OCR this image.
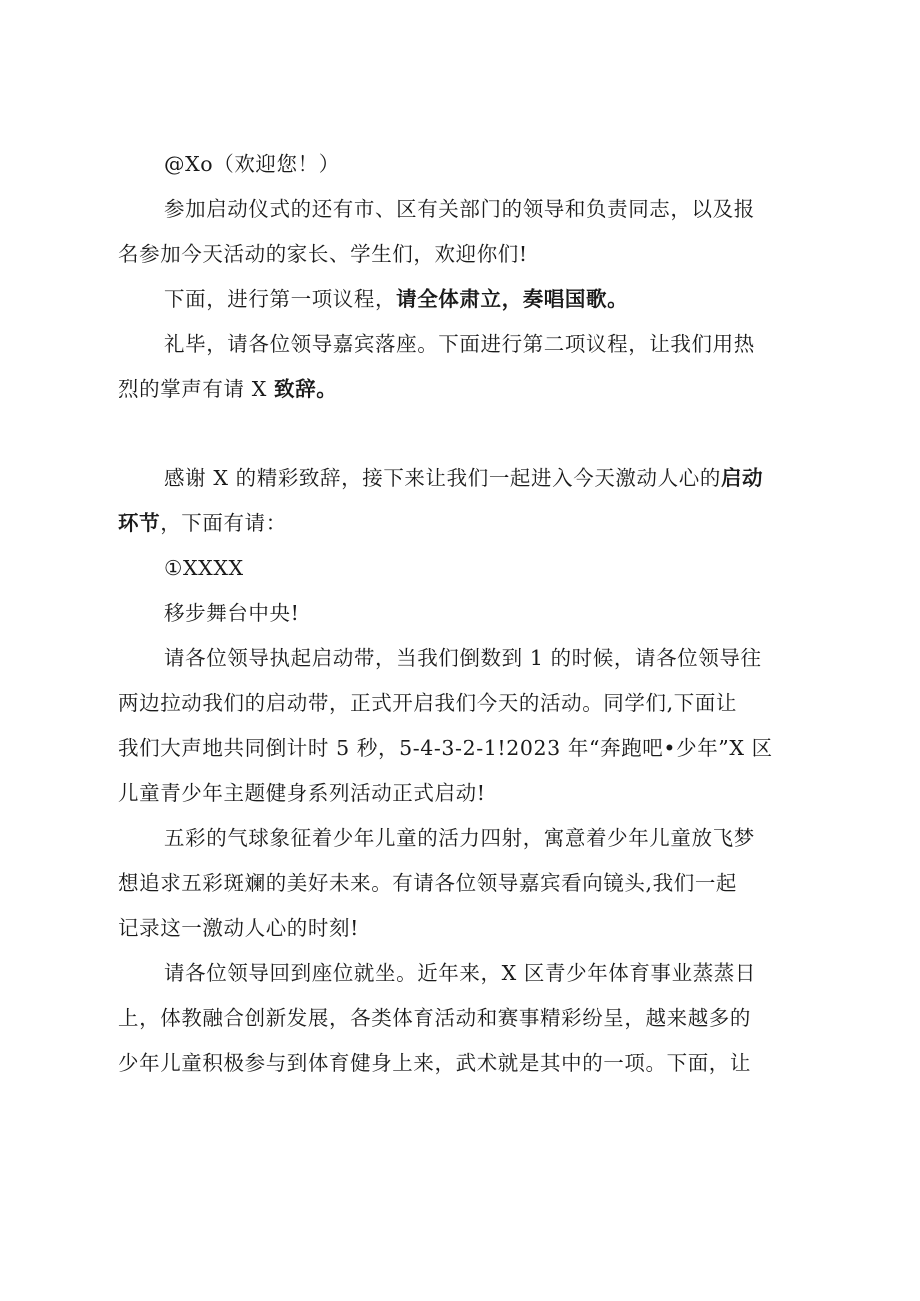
@Xo（欢迎您！）
参加启动仪式的还有市、区有关部门的领导和负责同志，以及报
名参加今天活动的家长、学生们，欢迎你们!
下面，进行第一项议程，请全体肃立，奏唱国歌。
礼毕，请各位领导嘉宾落座。下面进行第二项议程，让我们用热
烈的掌声有请 X 致辞。
感谢 X 的精彩致辞，接下来让我们一起进入今天激动人心的启动
环节，下面有请：
①XXXX
移步舞台中央!
请各位领导执起启动带，当我们倒数到 1 的时候，请各位领导往
两边拉动我们的启动带，正式开启我们今天的活动。同学们,下面让
我们大声地共同倒计时 5 秒，5-4-3-2-1!2023 年“奔跑吧•少年”X 区
儿童青少年主题健身系列活动正式启动!
五彩的气球象征着少年儿童的活力四射，寓意着少年儿童放飞梦
想追求五彩斑斓的美好未来。有请各位领导嘉宾看向镜头,我们一起
记录这一激动人心的时刻!
请各位领导回到座位就坐。近年来，X 区青少年体育事业蒸蒸日
上，体教融合创新发展，各类体育活动和赛事精彩纷呈，越来越多的
少年儿童积极参与到体育健身上来，武术就是其中的一项。下面，让
